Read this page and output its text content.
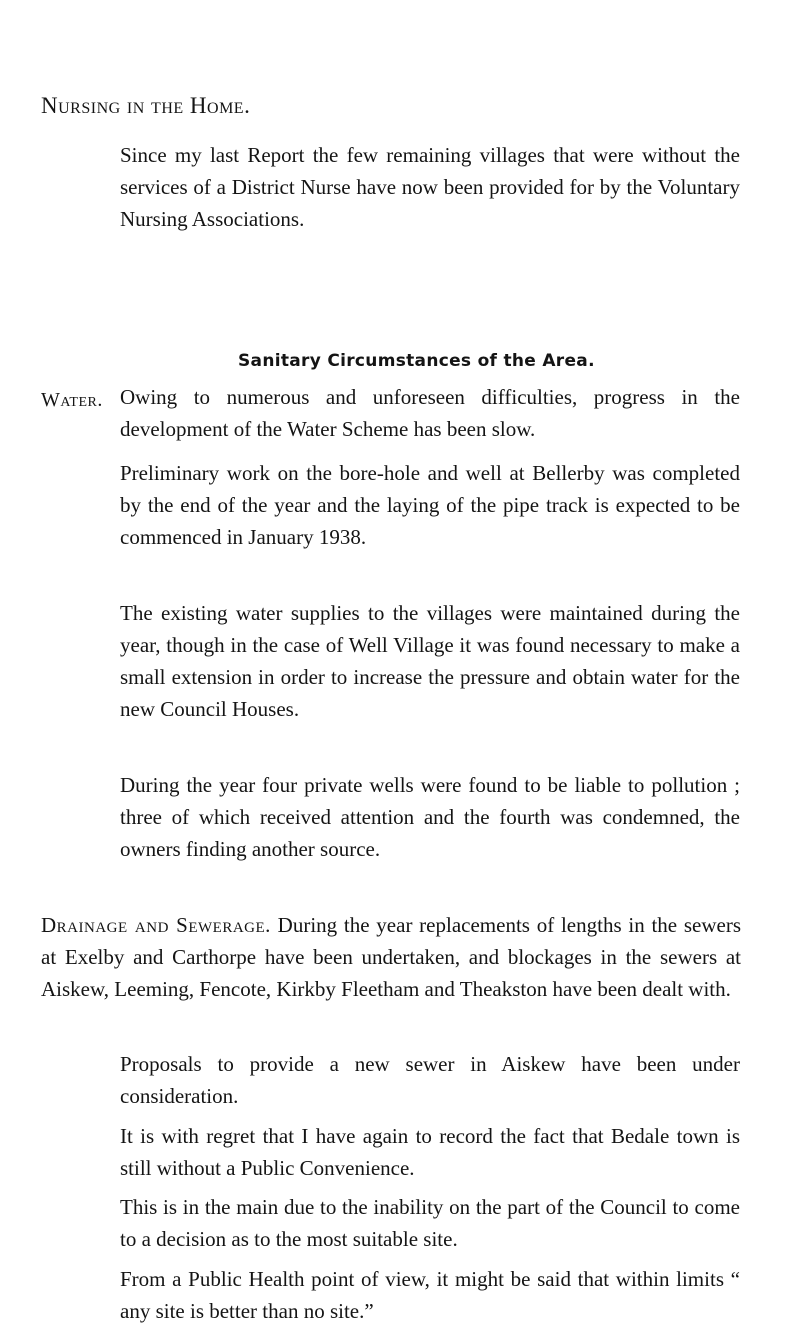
Nursing in the Home.

Since my last Report the few remaining villages that were without the services of a District Nurse have now been provided for by the Voluntary Nursing Associations.

Sanitary Circumstances of the Area.
Water. Owing to numerous and unforeseen difficulties, progress in the development of the Water Scheme has been slow.

Preliminary work on the bore-hole and well at Bellerby was completed by the end of the year and the laying of the pipe track is expected to be commenced in January 1938.

The existing water supplies to the villages were maintained during the year, though in the case of Well Village it was found necessary to make a small extension in order to increase the pressure and obtain water for the new Council Houses.

During the year four private wells were found to be liable to pollution ; three of which received attention and the fourth was condemned, the owners finding another source.

Drainage and Sewerage. During the year replacements of lengths in the sewers at Exelby and Carthorpe have been undertaken, and blockages in the sewers at Aiskew, Leeming, Fencote, Kirkby Fleetham and Theakston have been dealt with.

Proposals to provide a new sewer in Aiskew have been under consideration.

It is with regret that I have again to record the fact that Bedale town is still without a Public Convenience.

This is in the main due to the inability on the part of the Council to come to a decision as to the most suitable site.

From a Public Health point of view, it might be said that within limits “ any site is better than no site.”
